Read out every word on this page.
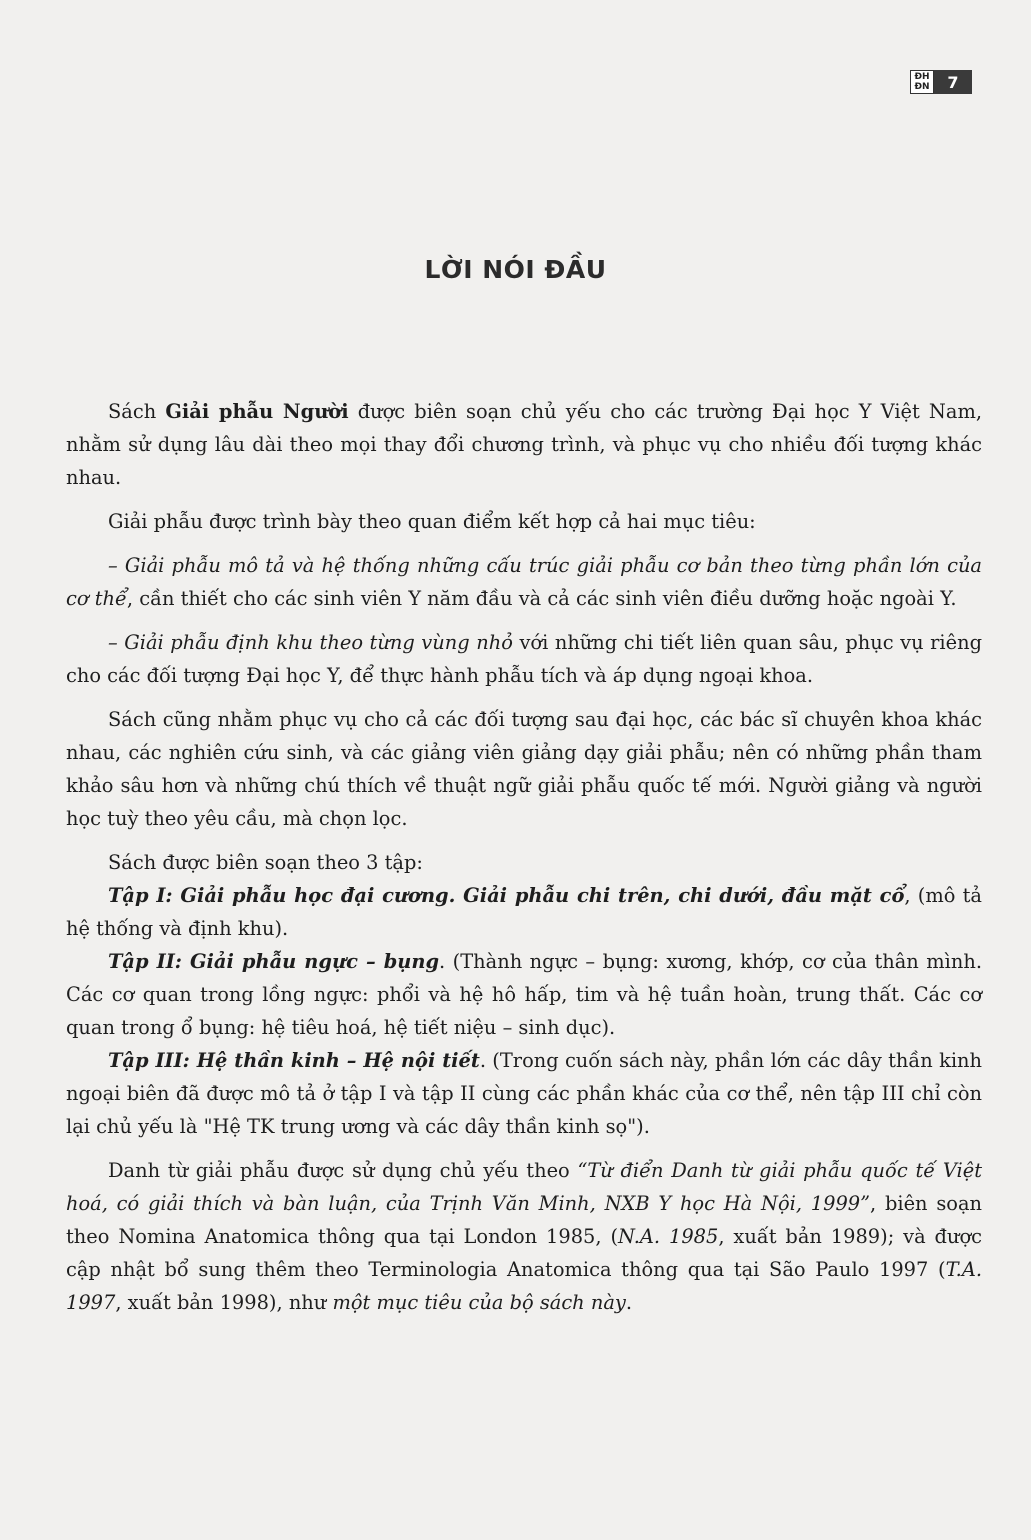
ĐH
ĐN	7
LỜI NÓI ĐẦU

Sách Giải phẫu Người được biên soạn chủ yếu cho các trường Đại học Y Việt Nam, nhằm sử dụng lâu dài theo mọi thay đổi chương trình, và phục vụ cho nhiều đối tượng khác nhau.

Giải phẫu được trình bày theo quan điểm kết hợp cả hai mục tiêu:

– Giải phẫu mô tả và hệ thống những cấu trúc giải phẫu cơ bản theo từng phần lớn của cơ thể, cần thiết cho các sinh viên Y năm đầu và cả các sinh viên điều dưỡng hoặc ngoài Y.

– Giải phẫu định khu theo từng vùng nhỏ với những chi tiết liên quan sâu, phục vụ riêng cho các đối tượng Đại học Y, để thực hành phẫu tích và áp dụng ngoại khoa.

Sách cũng nhằm phục vụ cho cả các đối tượng sau đại học, các bác sĩ chuyên khoa khác nhau, các nghiên cứu sinh, và các giảng viên giảng dạy giải phẫu; nên có những phần tham khảo sâu hơn và những chú thích về thuật ngữ giải phẫu quốc tế mới. Người giảng và người học tuỳ theo yêu cầu, mà chọn lọc.

Sách được biên soạn theo 3 tập:

Tập I: Giải phẫu học đại cương. Giải phẫu chi trên, chi dưới, đầu mặt cổ, (mô tả hệ thống và định khu).

Tập II: Giải phẫu ngực – bụng. (Thành ngực – bụng: xương, khớp, cơ của thân mình. Các cơ quan trong lồng ngực: phổi và hệ hô hấp, tim và hệ tuần hoàn, trung thất. Các cơ quan trong ổ bụng: hệ tiêu hoá, hệ tiết niệu – sinh dục).

Tập III: Hệ thần kinh – Hệ nội tiết. (Trong cuốn sách này, phần lớn các dây thần kinh ngoại biên đã được mô tả ở tập I và tập II cùng các phần khác của cơ thể, nên tập III chỉ còn lại chủ yếu là "Hệ TK trung ương và các dây thần kinh sọ").

Danh từ giải phẫu được sử dụng chủ yếu theo “Từ điển Danh từ giải phẫu quốc tế Việt hoá, có giải thích và bàn luận, của Trịnh Văn Minh, NXB Y học Hà Nội, 1999”, biên soạn theo Nomina Anatomica thông qua tại London 1985, (N.A. 1985, xuất bản 1989); và được cập nhật bổ sung thêm theo Terminologia Anatomica thông qua tại São Paulo 1997 (T.A. 1997, xuất bản 1998), như một mục tiêu của bộ sách này.
